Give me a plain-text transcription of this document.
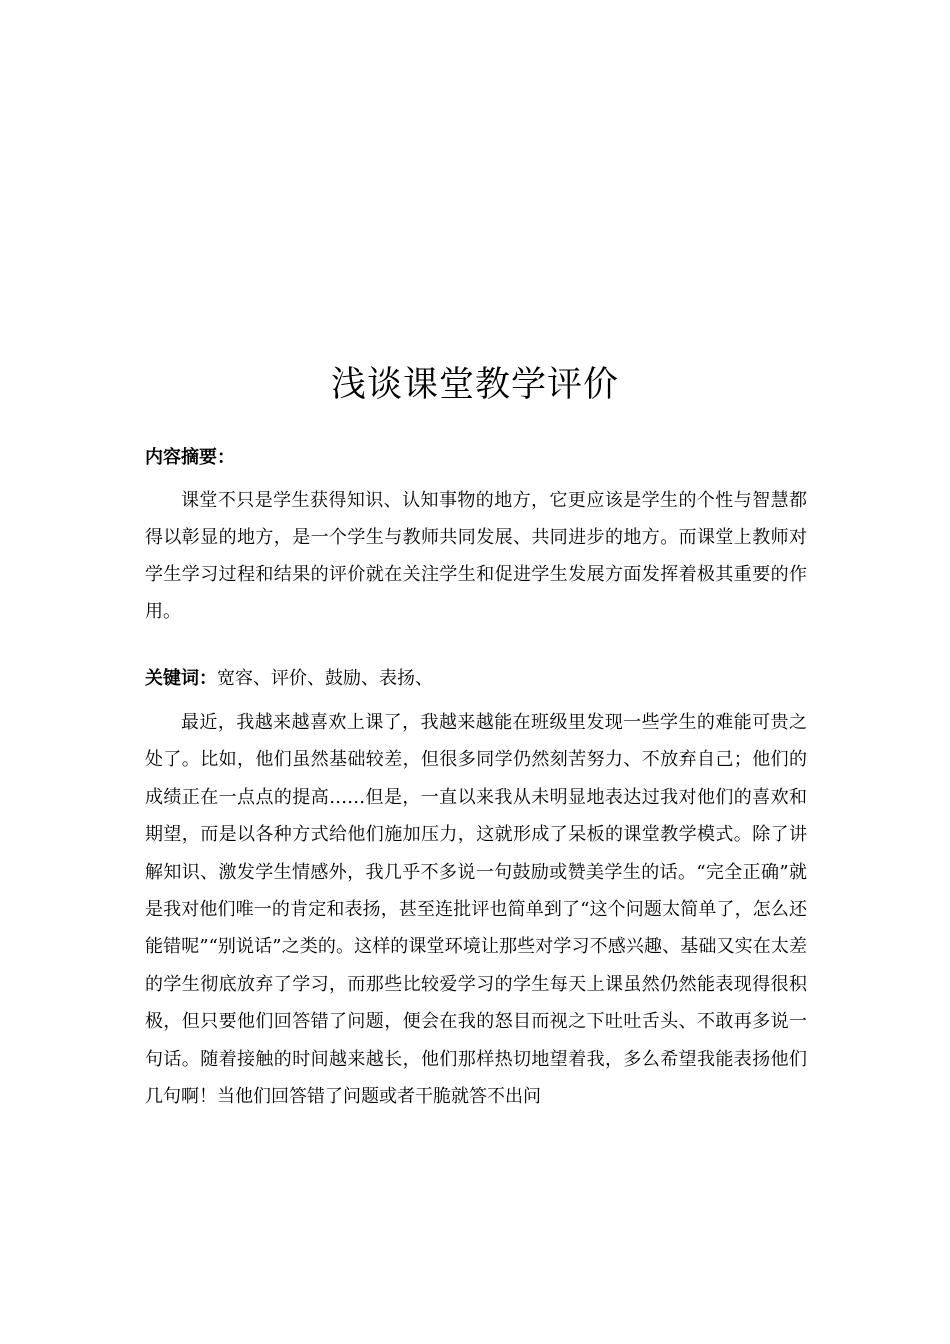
浅谈课堂教学评价
内容摘要：
课堂不只是学生获得知识、认知事物的地方，它更应该是学生的个性与智慧都得以彰显的地方，是一个学生与教师共同发展、共同进步的地方。而课堂上教师对学生学习过程和结果的评价就在关注学生和促进学生发展方面发挥着极其重要的作用。
关键词：宽容、评价、鼓励、表扬、
最近，我越来越喜欢上课了，我越来越能在班级里发现一些学生的难能可贵之处了。比如，他们虽然基础较差，但很多同学仍然刻苦努力、不放弃自己；他们的成绩正在一点点的提高……但是，一直以来我从未明显地表达过我对他们的喜欢和期望，而是以各种方式给他们施加压力，这就形成了呆板的课堂教学模式。除了讲解知识、激发学生情感外，我几乎不多说一句鼓励或赞美学生的话。“完全正确”就是我对他们唯一的肯定和表扬，甚至连批评也简单到了“这个问题太简单了，怎么还能错呢”“别说话”之类的。这样的课堂环境让那些对学习不感兴趣、基础又实在太差的学生彻底放弃了学习，而那些比较爱学习的学生每天上课虽然仍然能表现得很积极，但只要他们回答错了问题，便会在我的怒目而视之下吐吐舌头、不敢再多说一句话。随着接触的时间越来越长，他们那样热切地望着我，多么希望我能表扬他们几句啊！当他们回答错了问题或者干脆就答不出问
